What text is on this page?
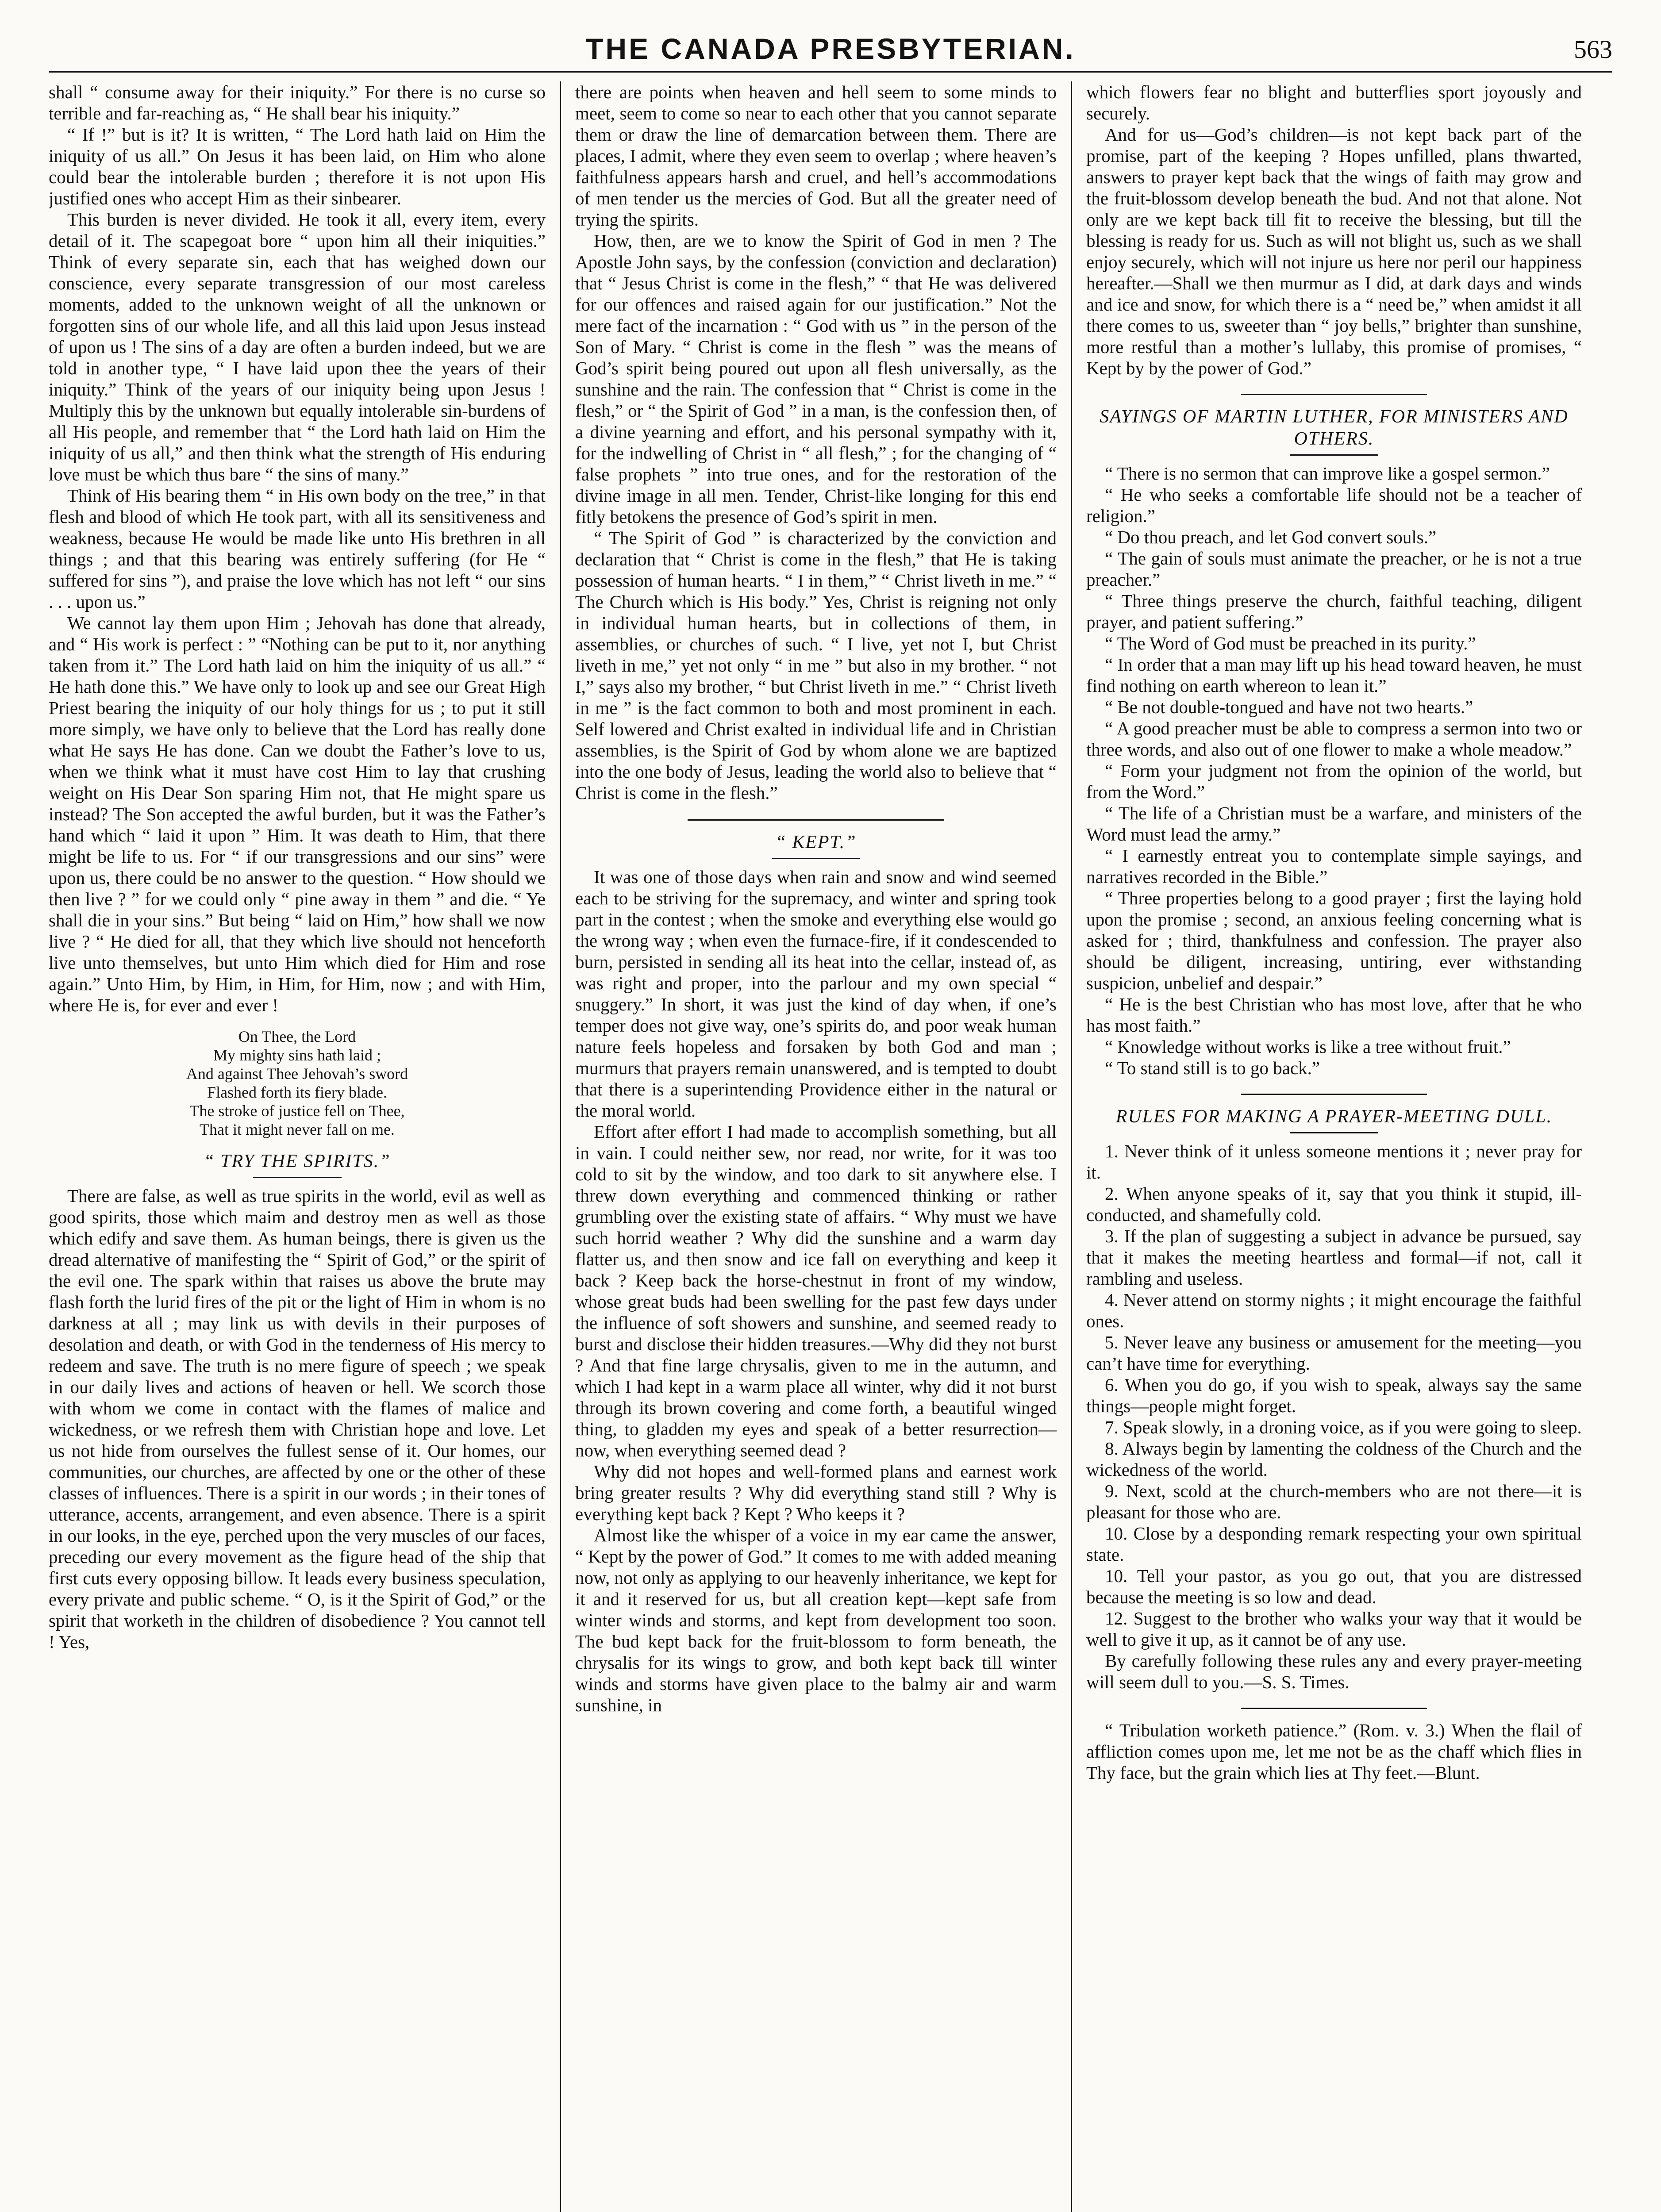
THE CANADA PRESBYTERIAN.	563

shall “ consume away for their iniquity.” For there is no curse so terrible and far-reaching as, “ He shall bear his iniquity.”

“ If !” but is it? It is written, “ The Lord hath laid on Him the iniquity of us all.” On Jesus it has been laid, on Him who alone could bear the intolerable burden ; therefore it is not upon His justified ones who accept Him as their sinbearer.

This burden is never divided. He took it all, every item, every detail of it. The scapegoat bore “ upon him all their iniquities.” Think of every separate sin, each that has weighed down our conscience, every separate transgression of our most careless moments, added to the unknown weight of all the unknown or forgotten sins of our whole life, and all this laid upon Jesus instead of upon us ! The sins of a day are often a burden indeed, but we are told in another type, “ I have laid upon thee the years of their iniquity.” Think of the years of our iniquity being upon Jesus ! Multiply this by the unknown but equally intolerable sin-burdens of all His people, and remember that “ the Lord hath laid on Him the iniquity of us all,” and then think what the strength of His enduring love must be which thus bare “ the sins of many.”

Think of His bearing them “ in His own body on the tree,” in that flesh and blood of which He took part, with all its sensitiveness and weakness, because He would be made like unto His brethren in all things ; and that this bearing was entirely suffering (for He “ suffered for sins ”), and praise the love which has not left “ our sins . . . upon us.”

We cannot lay them upon Him ; Jehovah has done that already, and “ His work is perfect : ” “Nothing can be put to it, nor anything taken from it.” The Lord hath laid on him the iniquity of us all.” “ He hath done this.” We have only to look up and see our Great High Priest bearing the iniquity of our holy things for us ; to put it still more simply, we have only to believe that the Lord has really done what He says He has done. Can we doubt the Father’s love to us, when we think what it must have cost Him to lay that crushing weight on His Dear Son sparing Him not, that He might spare us instead? The Son accepted the awful burden, but it was the Father’s hand which “ laid it upon ” Him. It was death to Him, that there might be life to us. For “ if our transgressions and our sins” were upon us, there could be no answer to the question. “ How should we then live ? ” for we could only “ pine away in them ” and die. “ Ye shall die in your sins.” But being “ laid on Him,” how shall we now live ? “ He died for all, that they which live should not henceforth live unto themselves, but unto Him which died for Him and rose again.” Unto Him, by Him, in Him, for Him, now ; and with Him, where He is, for ever and ever !

On Thee, the Lord
My mighty sins hath laid ;
And against Thee Jehovah’s sword
Flashed forth its fiery blade.
The stroke of justice fell on Thee,
That it might never fall on me.
“ TRY THE SPIRITS.”

There are false, as well as true spirits in the world, evil as well as good spirits, those which maim and destroy men as well as those which edify and save them. As human beings, there is given us the dread alternative of manifesting the “ Spirit of God,” or the spirit of the evil one. The spark within that raises us above the brute may flash forth the lurid fires of the pit or the light of Him in whom is no darkness at all ; may link us with devils in their purposes of desolation and death, or with God in the tenderness of His mercy to redeem and save. The truth is no mere figure of speech ; we speak in our daily lives and actions of heaven or hell. We scorch those with whom we come in contact with the flames of malice and wickedness, or we refresh them with Christian hope and love. Let us not hide from ourselves the fullest sense of it. Our homes, our communities, our churches, are affected by one or the other of these classes of influences. There is a spirit in our words ; in their tones of utterance, accents, arrangement, and even absence. There is a spirit in our looks, in the eye, perched upon the very muscles of our faces, preceding our every movement as the figure head of the ship that first cuts every opposing billow. It leads every business speculation, every private and public scheme. “ O, is it the Spirit of God,” or the spirit that worketh in the children of disobedience ? You cannot tell ! Yes,

there are points when heaven and hell seem to some minds to meet, seem to come so near to each other that you cannot separate them or draw the line of demarcation between them. There are places, I admit, where they even seem to overlap ; where heaven’s faithfulness appears harsh and cruel, and hell’s accommodations of men tender us the mercies of God. But all the greater need of trying the spirits.

How, then, are we to know the Spirit of God in men ? The Apostle John says, by the confession (conviction and declaration) that “ Jesus Christ is come in the flesh,” “ that He was delivered for our offences and raised again for our justification.” Not the mere fact of the incarnation : “ God with us ” in the person of the Son of Mary. “ Christ is come in the flesh ” was the means of God’s spirit being poured out upon all flesh universally, as the sunshine and the rain. The confession that “ Christ is come in the flesh,” or “ the Spirit of God ” in a man, is the confession then, of a divine yearning and effort, and his personal sympathy with it, for the indwelling of Christ in “ all flesh,” ; for the changing of “ false prophets ” into true ones, and for the restoration of the divine image in all men. Tender, Christ-like longing for this end fitly betokens the presence of God’s spirit in men.

“ The Spirit of God ” is characterized by the conviction and declaration that “ Christ is come in the flesh,” that He is taking possession of human hearts. “ I in them,” “ Christ liveth in me.” “ The Church which is His body.” Yes, Christ is reigning not only in individual human hearts, but in collections of them, in assemblies, or churches of such. “ I live, yet not I, but Christ liveth in me,” yet not only “ in me ” but also in my brother. “ not I,” says also my brother, “ but Christ liveth in me.” “ Christ liveth in me ” is the fact common to both and most prominent in each. Self lowered and Christ exalted in individual life and in Christian assemblies, is the Spirit of God by whom alone we are baptized into the one body of Jesus, leading the world also to believe that “ Christ is come in the flesh.”

“ KEPT.”

It was one of those days when rain and snow and wind seemed each to be striving for the supremacy, and winter and spring took part in the contest ; when the smoke and everything else would go the wrong way ; when even the furnace-fire, if it condescended to burn, persisted in sending all its heat into the cellar, instead of, as was right and proper, into the parlour and my own special “ snuggery.” In short, it was just the kind of day when, if one’s temper does not give way, one’s spirits do, and poor weak human nature feels hopeless and forsaken by both God and man ; murmurs that prayers remain unanswered, and is tempted to doubt that there is a superintending Providence either in the natural or the moral world.

Effort after effort I had made to accomplish something, but all in vain. I could neither sew, nor read, nor write, for it was too cold to sit by the window, and too dark to sit anywhere else. I threw down everything and commenced thinking or rather grumbling over the existing state of affairs. “ Why must we have such horrid weather ? Why did the sunshine and a warm day flatter us, and then snow and ice fall on everything and keep it back ? Keep back the horse-chestnut in front of my window, whose great buds had been swelling for the past few days under the influence of soft showers and sunshine, and seemed ready to burst and disclose their hidden treasures.—Why did they not burst ? And that fine large chrysalis, given to me in the autumn, and which I had kept in a warm place all winter, why did it not burst through its brown covering and come forth, a beautiful winged thing, to gladden my eyes and speak of a better resurrection—now, when everything seemed dead ?

Why did not hopes and well-formed plans and earnest work bring greater results ? Why did everything stand still ? Why is everything kept back ? Kept ? Who keeps it ?

Almost like the whisper of a voice in my ear came the answer, “ Kept by the power of God.” It comes to me with added meaning now, not only as applying to our heavenly inheritance, we kept for it and it reserved for us, but all creation kept—kept safe from winter winds and storms, and kept from development too soon. The bud kept back for the fruit-blossom to form beneath, the chrysalis for its wings to grow, and both kept back till winter winds and storms have given place to the balmy air and warm sunshine, in

which flowers fear no blight and butterflies sport joyously and securely.

And for us—God’s children—is not kept back part of the promise, part of the keeping ? Hopes unfilled, plans thwarted, answers to prayer kept back that the wings of faith may grow and the fruit-blossom develop beneath the bud. And not that alone. Not only are we kept back till fit to receive the blessing, but till the blessing is ready for us. Such as will not blight us, such as we shall enjoy securely, which will not injure us here nor peril our happiness hereafter.—Shall we then murmur as I did, at dark days and winds and ice and snow, for which there is a “ need be,” when amidst it all there comes to us, sweeter than “ joy bells,” brighter than sunshine, more restful than a mother’s lullaby, this promise of promises, “ Kept by by the power of God.”

SAYINGS OF MARTIN LUTHER, FOR MINISTERS AND OTHERS.

“ There is no sermon that can improve like a gospel sermon.”

“ He who seeks a comfortable life should not be a teacher of religion.”

“ Do thou preach, and let God convert souls.”

“ The gain of souls must animate the preacher, or he is not a true preacher.”

“ Three things preserve the church, faithful teaching, diligent prayer, and patient suffering.”

“ The Word of God must be preached in its purity.”

“ In order that a man may lift up his head toward heaven, he must find nothing on earth whereon to lean it.”

“ Be not double-tongued and have not two hearts.”

“ A good preacher must be able to compress a sermon into two or three words, and also out of one flower to make a whole meadow.”

“ Form your judgment not from the opinion of the world, but from the Word.”

“ The life of a Christian must be a warfare, and ministers of the Word must lead the army.”

“ I earnestly entreat you to contemplate simple sayings, and narratives recorded in the Bible.”

“ Three properties belong to a good prayer ; first the laying hold upon the promise ; second, an anxious feeling concerning what is asked for ; third, thankfulness and confession. The prayer also should be diligent, increasing, untiring, ever withstanding suspicion, unbelief and despair.”

“ He is the best Christian who has most love, after that he who has most faith.”

“ Knowledge without works is like a tree without fruit.”

“ To stand still is to go back.”

RULES FOR MAKING A PRAYER-MEETING DULL.

1. Never think of it unless someone mentions it ; never pray for it.

2. When anyone speaks of it, say that you think it stupid, ill-conducted, and shamefully cold.

3. If the plan of suggesting a subject in advance be pursued, say that it makes the meeting heartless and formal—if not, call it rambling and useless.

4. Never attend on stormy nights ; it might encourage the faithful ones.

5. Never leave any business or amusement for the meeting—you can’t have time for everything.

6. When you do go, if you wish to speak, always say the same things—people might forget.

7. Speak slowly, in a droning voice, as if you were going to sleep.

8. Always begin by lamenting the coldness of the Church and the wickedness of the world.

9. Next, scold at the church-members who are not there—it is pleasant for those who are.

10. Close by a desponding remark respecting your own spiritual state.

10. Tell your pastor, as you go out, that you are distressed because the meeting is so low and dead.

12. Suggest to the brother who walks your way that it would be well to give it up, as it cannot be of any use.

By carefully following these rules any and every prayer-meeting will seem dull to you.—S. S. Times.

“ Tribulation worketh patience.” (Rom. v. 3.) When the flail of affliction comes upon me, let me not be as the chaff which flies in Thy face, but the grain which lies at Thy feet.—Blunt.
